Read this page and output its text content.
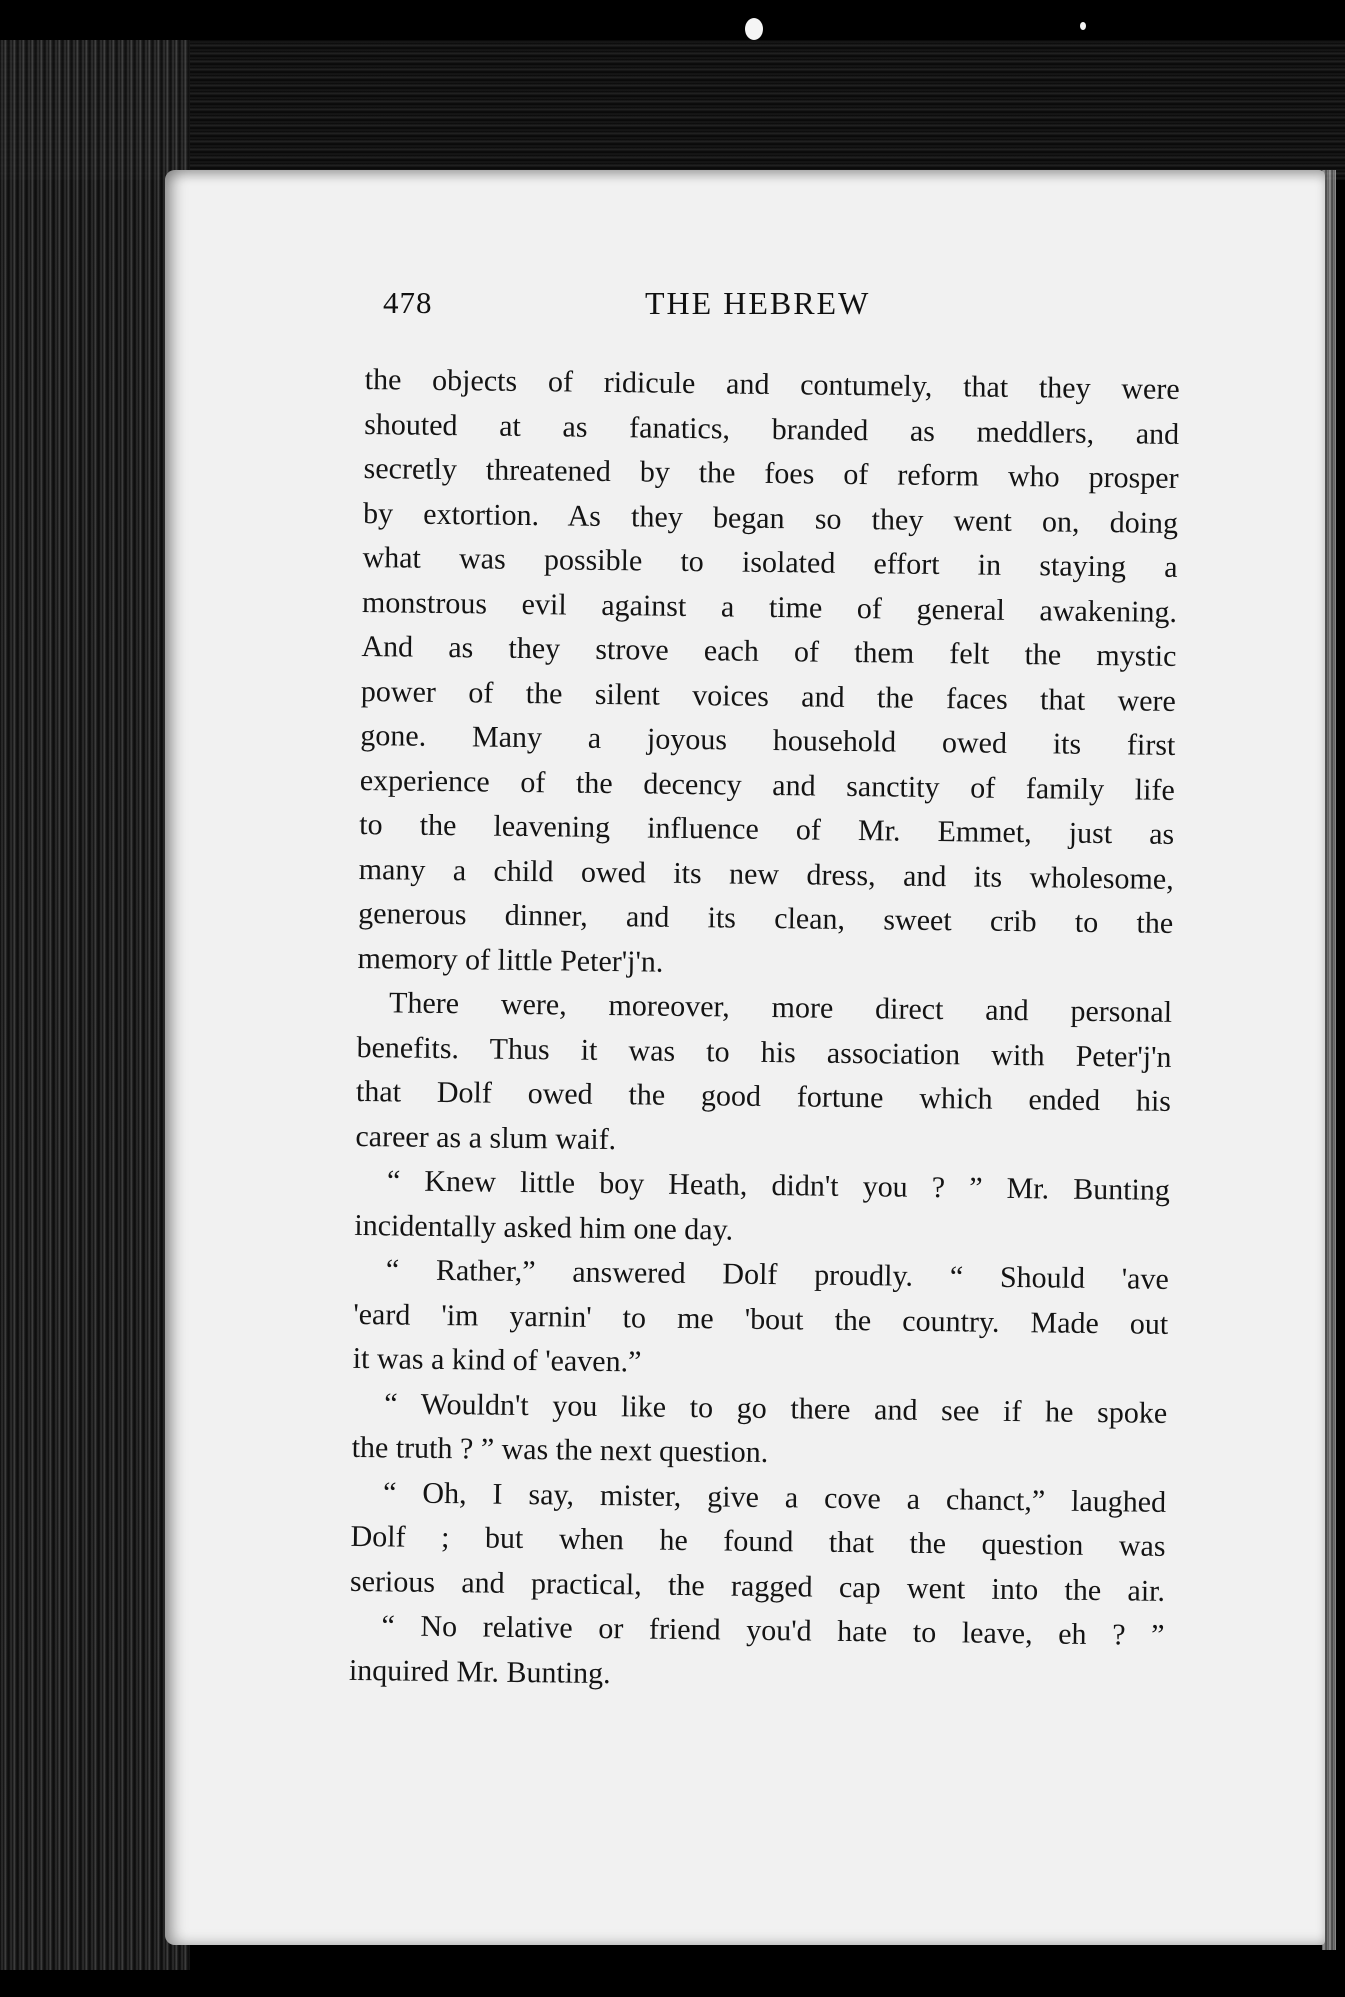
478	THE HEBREW
the objects of ridicule and contumely, that they were
shouted at as fanatics, branded as meddlers, and
secretly threatened by the foes of reform who prosper
by extortion. As they began so they went on, doing
what was possible to isolated effort in staying a
monstrous evil against a time of general awakening.
And as they strove each of them felt the mystic
power of the silent voices and the faces that were
gone. Many a joyous household owed its first
experience of the decency and sanctity of family life
to the leavening influence of Mr. Emmet, just as
many a child owed its new dress, and its wholesome,
generous dinner, and its clean, sweet crib to the
memory of little Peter'j'n.
There were, moreover, more direct and personal
benefits. Thus it was to his association with Peter'j'n
that Dolf owed the good fortune which ended his
career as a slum waif.
“ Knew little boy Heath, didn't you ? ” Mr. Bunting
incidentally asked him one day.
“ Rather,” answered Dolf proudly. “ Should 'ave
'eard 'im yarnin' to me 'bout the country. Made out
it was a kind of 'eaven.”
“ Wouldn't you like to go there and see if he spoke
the truth ? ” was the next question.
“ Oh, I say, mister, give a cove a chanct,” laughed
Dolf ; but when he found that the question was
serious and practical, the ragged cap went into the air.
“ No relative or friend you'd hate to leave, eh ? ”
inquired Mr. Bunting.
